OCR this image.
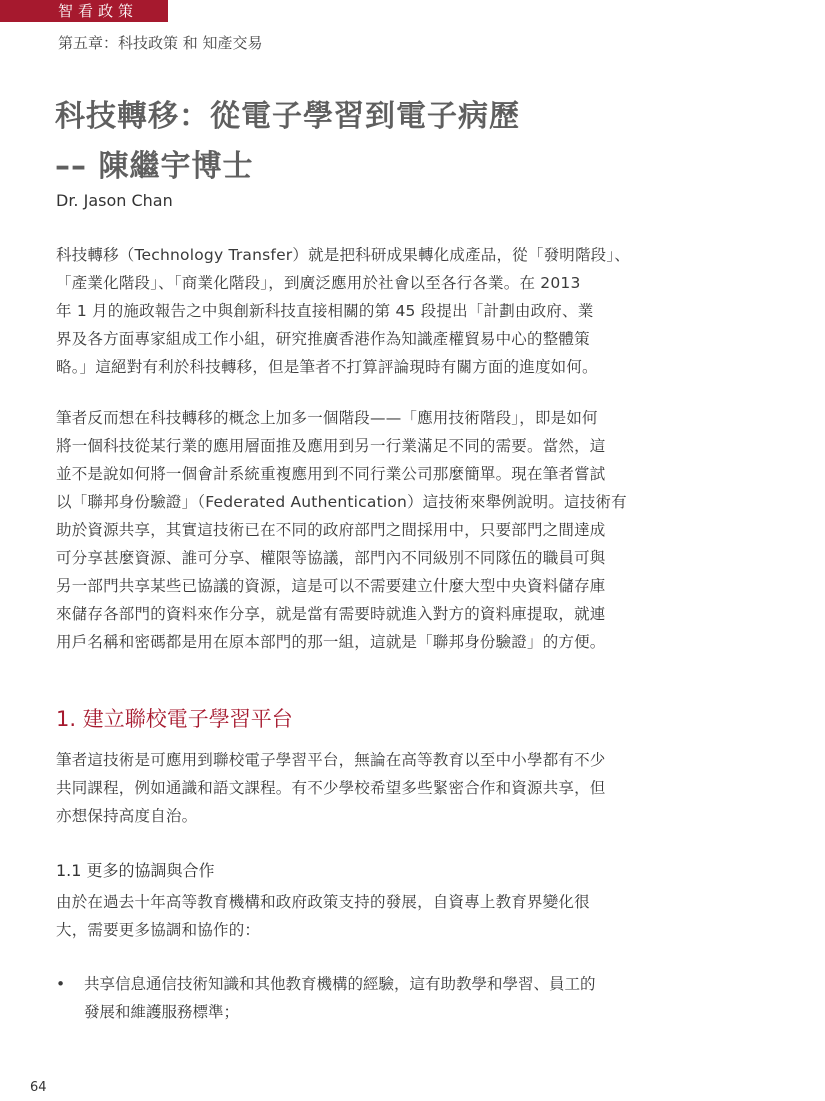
智看政策
第五章：科技政策 和 知產交易
科技轉移：從電子學習到電子病歷
–– 陳繼宇博士
Dr. Jason Chan
科技轉移（Technology Transfer）就是把科研成果轉化成產品，從「發明階段」、
「產業化階段」、「商業化階段」，到廣泛應用於社會以至各行各業。在 2013
年 1 月的施政報告之中與創新科技直接相關的第 45 段提出「計劃由政府、業
界及各方面專家組成工作小組，研究推廣香港作為知識產權貿易中心的整體策
略。」這絕對有利於科技轉移，但是筆者不打算評論現時有關方面的進度如何。
筆者反而想在科技轉移的概念上加多一個階段——「應用技術階段」，即是如何
將一個科技從某行業的應用層面推及應用到另一行業滿足不同的需要。當然，這
並不是說如何將一個會計系統重複應用到不同行業公司那麼簡單。現在筆者嘗試
以「聯邦身份驗證」（Federated Authentication）這技術來舉例說明。這技術有
助於資源共享，其實這技術已在不同的政府部門之間採用中，只要部門之間達成
可分享甚麼資源、誰可分享、權限等協議，部門內不同級別不同隊伍的職員可與
另一部門共享某些已協議的資源，這是可以不需要建立什麼大型中央資料儲存庫
來儲存各部門的資料來作分享，就是當有需要時就進入對方的資料庫提取，就連
用戶名稱和密碼都是用在原本部門的那一組，這就是「聯邦身份驗證」的方便。
1. 建立聯校電子學習平台
筆者這技術是可應用到聯校電子學習平台，無論在高等教育以至中小學都有不少
共同課程，例如通識和語文課程。有不少學校希望多些緊密合作和資源共享，但
亦想保持高度自治。
1.1 更多的協調與合作
由於在過去十年高等教育機構和政府政策支持的發展，自資專上教育界變化很
大，需要更多協調和協作的：
• 共享信息通信技術知識和其他教育機構的經驗，這有助教學和學習、員工的
發展和維護服務標準；
64
